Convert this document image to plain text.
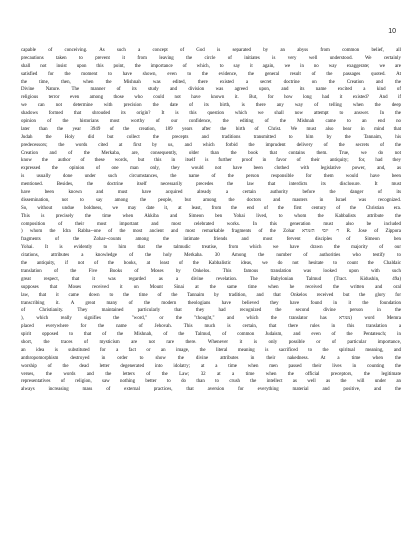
10
capable of conceiving. As such a concept of God is separated by an abyss from common belief, all
precautions taken to prevent it from leaving the circle of initiates is very well understood. We certainly
shall not insist upon this point, the importance of which, to say it again, we in no way exaggerate; we are
satisfied for the moment to have shown, even to the evidence, the general result of the passages quoted. At
the time, then, when the Mishnah was edited, there existed a secret doctrine on the Creation and the
Divine Nature. The manner of its study and division was agreed upon, and its name excited a kind of
religious terror even among those who could not have known it. But, for how long had it existed? And if
we can not determine with precision the date of its birth, is there any way of telling when the deep
shadows formed that shrouded its origin? It is this question which we shall now attempt to answer. In the
opinion of the historians most worthy of our confidence, the editing of the Mishnah came to an end no
later than the year 3949 of the creation, 189 years after the birth of Christ. We must also bear in mind that
Judah the Holy did but collect the precepts and traditions transmitted to him by the Tannaim, his
predecessors; the words cited at first by us, and which forbid the imprudent delivery of the secrets of the
Creation and of the Merkaba, are, consequently, older than the book that contains them. True, we do not
know the author of these words, but this in itself is further proof in favor of their antiquity; for, had they
expressed the opinion of one man only, they would not have been clothed with legislative power, and, as
is usually done under such circumstances, the name of the person responsible for them would have been
mentioned. Besides, the doctrine itself necessarily precedes the law that interdicts its disclosure. It must
have been known and must have acquired already a certain authority before the danger of its
dissemination, not to say among the people, but among the doctors and masters in Israel was recognized.
So, without undue boldness, we may date it, at least, from the end of the first century of the Christian era.
This is precisely the time when Akkiba and Simeon ben Yohai lived, to whom the Kabbalists attribute the
composition of their most important and most celebrated works. In this generation must also be included
) whom the Idra Rabba--one of the most ancient and most remarkable fragments of the Zohar ר׳ יוסי הזמרא R. Jose of Zippora
fragments of the Zohar--counts among the intimate friends and most fervent disciples of Simeon ben
Yohai. It is evidently to him that the talmudic treatise, from which we have drawn the majority of our
citations, attributes a knowledge of the holy Merkaba. 30 Among the number of authorities who testify to
the antiquity, if not of the books, at least of the Kabbalistic ideas, we do not hesitate to count the Chaldaic
translation of the Five Books of Moses by Onkelos. This famous translation was looked upon with such
great respect, that it was regarded as a divine revelation. The Babylonian Talmud (Tract. Kidushin, 49a)
supposes that Moses received it on Mount Sinai at the same time when he received the written and oral
law, that it came down to the time of the Tannaim by tradition, and that Onkelos received but the glory for
transcribing it. A great many of the modern theologians have believed they have found in it the foundation
of Christianity. They maintained particularly that they had recognized the second divine person in the
), which really signifies the "word," or the "thought," and which the translator has ממרא) word Memra
placed everywhere for the name of Jehovah. This much is certain, that there rules in this translation a
spirit opposed to that of the Mishnah, of the Talmud, of common Judaism, and even of the Pentateuch; in
short, the traces of mysticism are not rare there. Whenever it is only possible or of particular importance,
an idea is substituted for a fact or an image, the literal meaning is sacrificed to the spiritual meaning, and
anthropomorphism destroyed in order to show the divine attributes in their nakedness. At a time when the
worship of the dead letter degenerated into idolatry; at a time when men passed their lives in counting the
verses, the words and the letters of the Law; 32 at a time when the official preceptors, the legitimate
representatives of religion, saw nothing better to do than to crush the intellect as well as the will under an
always increasing mass of external practices, that aversion for everything material and positive, and the
